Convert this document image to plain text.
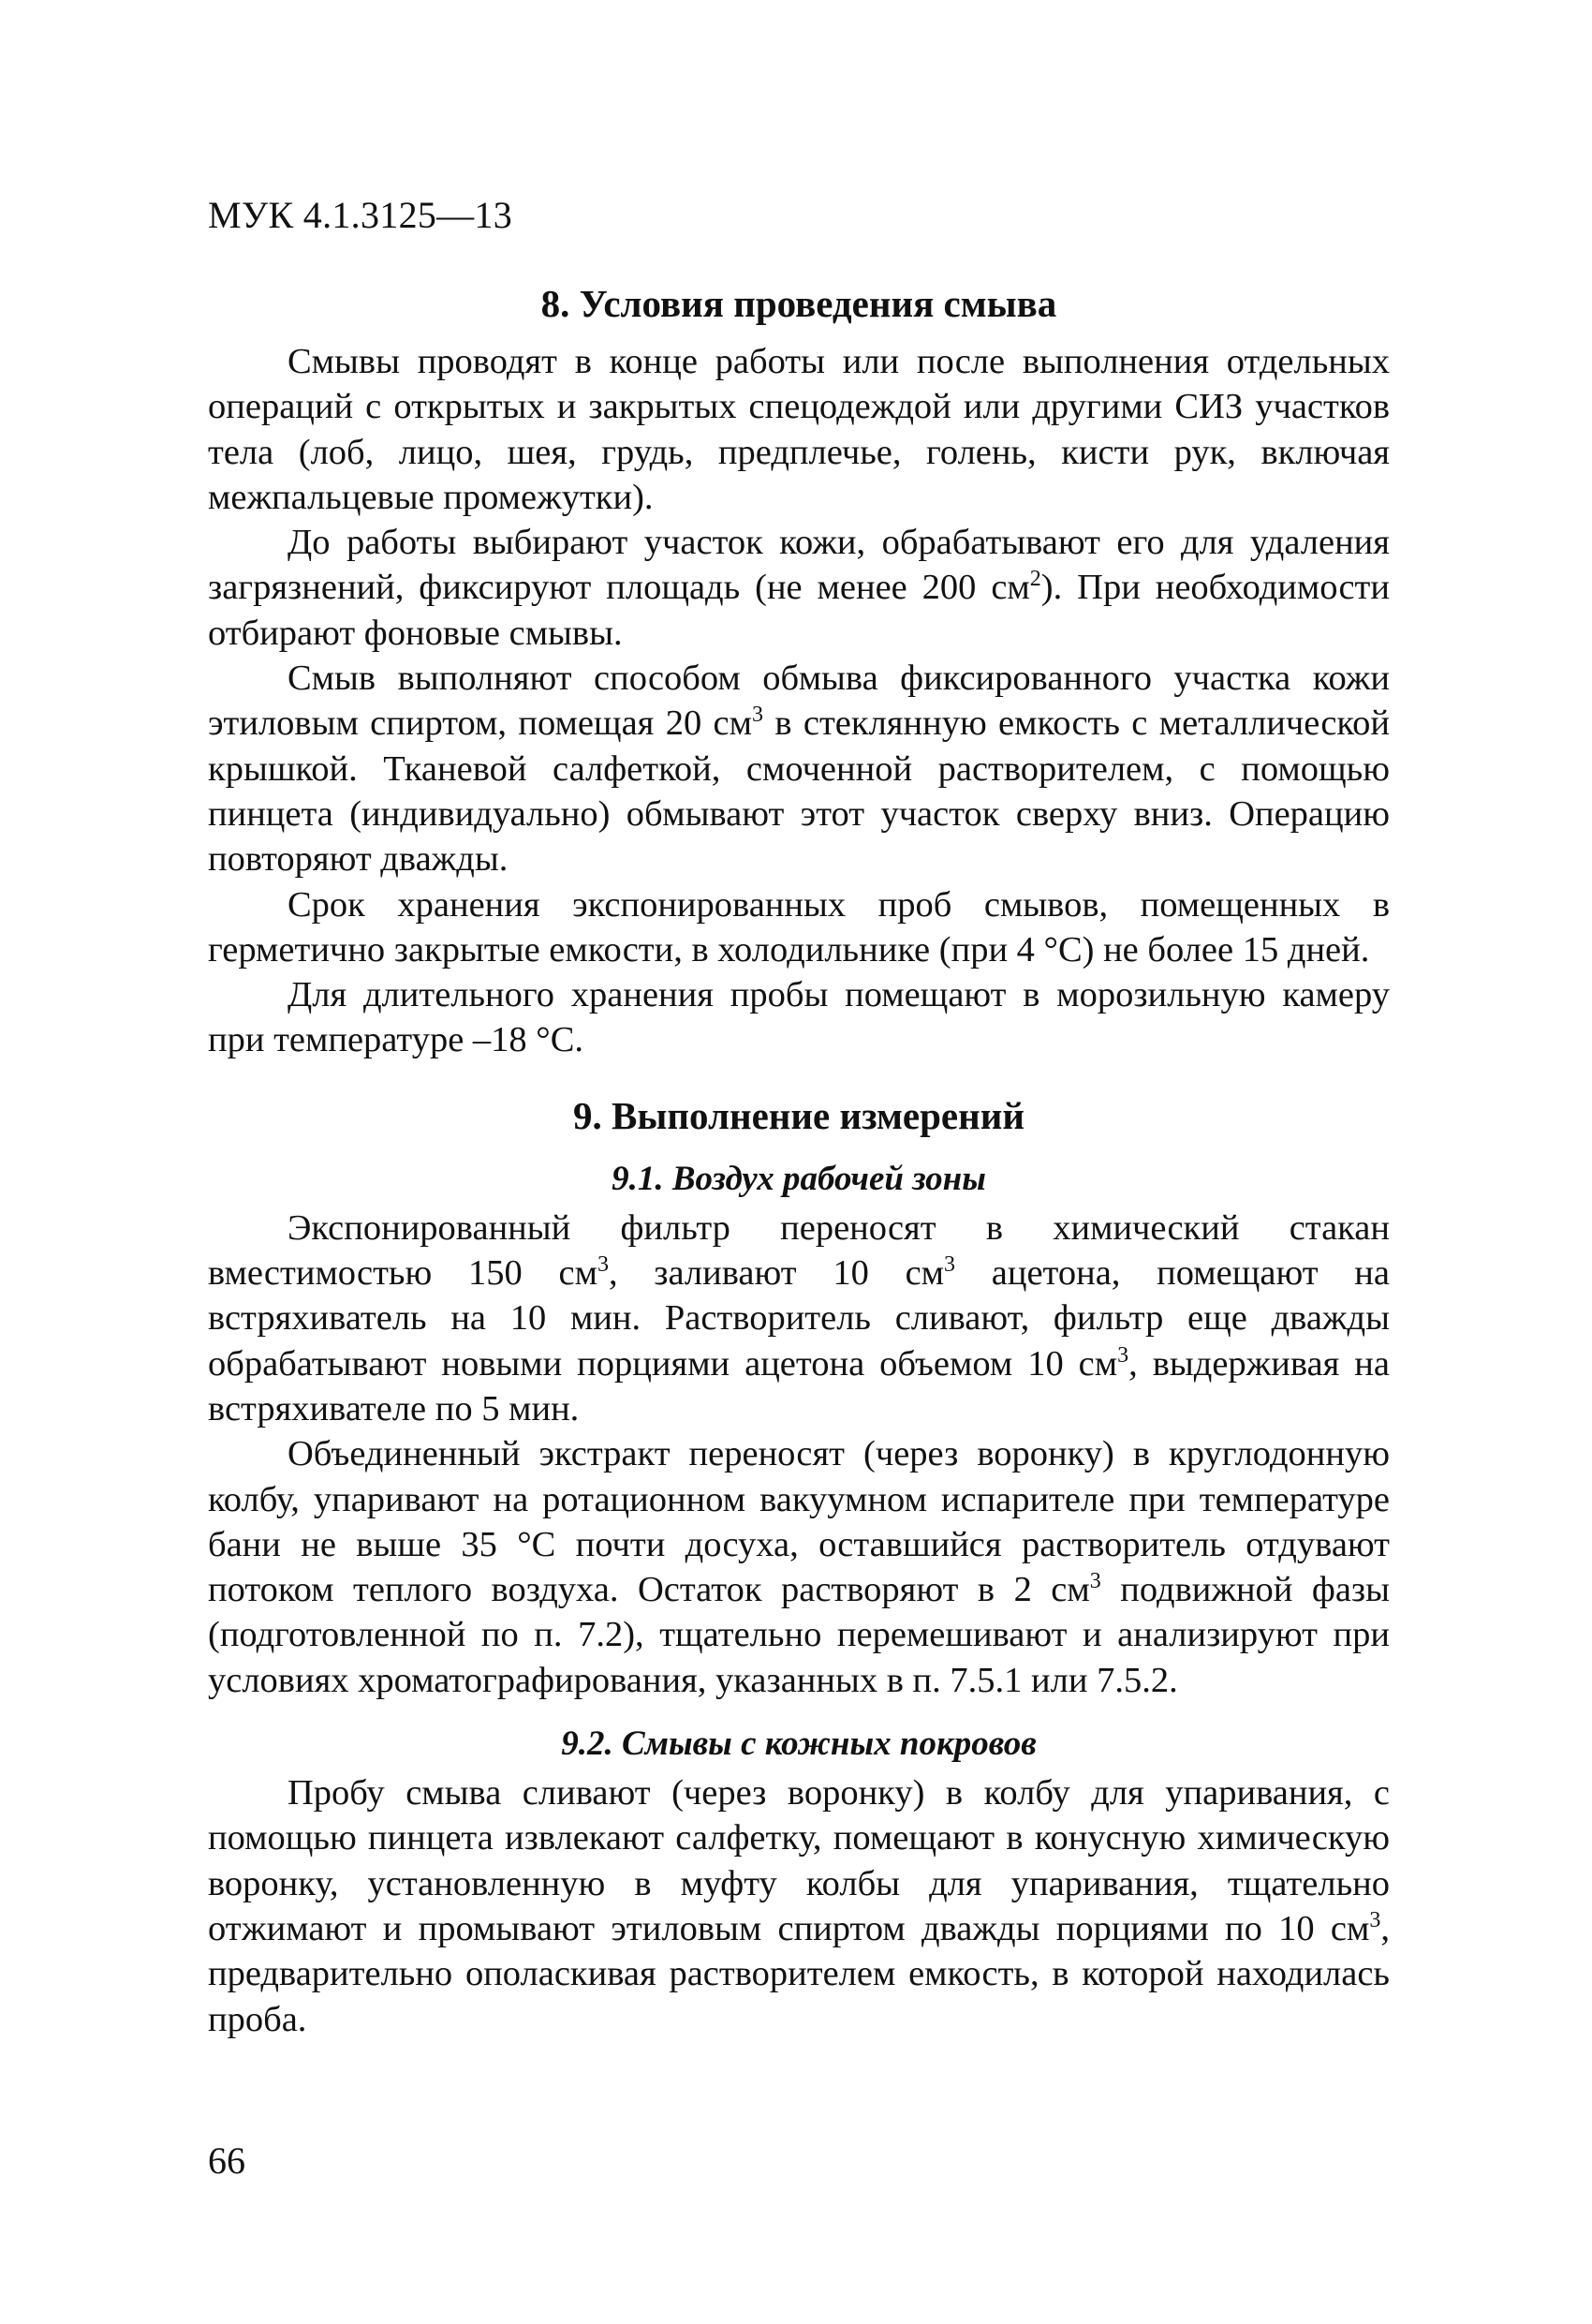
МУК 4.1.3125—13
8. Условия проведения смыва

Смывы проводят в конце работы или после выполнения отдельных операций с открытых и закрытых спецодеждой или другими СИЗ участков тела (лоб, лицо, шея, грудь, предплечье, голень, кисти рук, включая межпальцевые промежутки).

До работы выбирают участок кожи, обрабатывают его для удаления загрязнений, фиксируют площадь (не менее 200 $см^2$). При необходимости отбирают фоновые смывы.

Смыв выполняют способом обмыва фиксированного участка кожи этиловым спиртом, помещая 20 $см^3$ в стеклянную емкость с металлической крышкой. Тканевой салфеткой, смоченной растворителем, с помощью пинцета (индивидуально) обмывают этот участок сверху вниз. Операцию повторяют дважды.

Срок хранения экспонированных проб смывов, помещенных в герметично закрытые емкости, в холодильнике (при 4 °С) не более 15 дней.

Для длительного хранения пробы помещают в морозильную камеру при температуре –18 °С.

9. Выполнение измерений
9.1. Воздух рабочей зоны

Экспонированный фильтр переносят в химический стакан вместимостью 150 $см^3$, заливают 10 $см^3$ ацетона, помещают на встряхиватель на 10 мин. Растворитель сливают, фильтр еще дважды обрабатывают новыми порциями ацетона объемом 10 $см^3$, выдерживая на встряхивателе по 5 мин.

Объединенный экстракт переносят (через воронку) в круглодонную колбу, упаривают на ротационном вакуумном испарителе при температуре бани не выше 35 °С почти досуха, оставшийся растворитель отдувают потоком теплого воздуха. Остаток растворяют в 2 $см^3$ подвижной фазы (подготовленной по п. 7.2), тщательно перемешивают и анализируют при условиях хроматографирования, указанных в п. 7.5.1 или 7.5.2.

9.2. Смывы с кожных покровов

Пробу смыва сливают (через воронку) в колбу для упаривания, с помощью пинцета извлекают салфетку, помещают в конусную химическую воронку, установленную в муфту колбы для упаривания, тщательно отжимают и промывают этиловым спиртом дважды порциями по 10 $см^3$, предварительно ополаскивая растворителем емкость, в которой находилась проба.

66
